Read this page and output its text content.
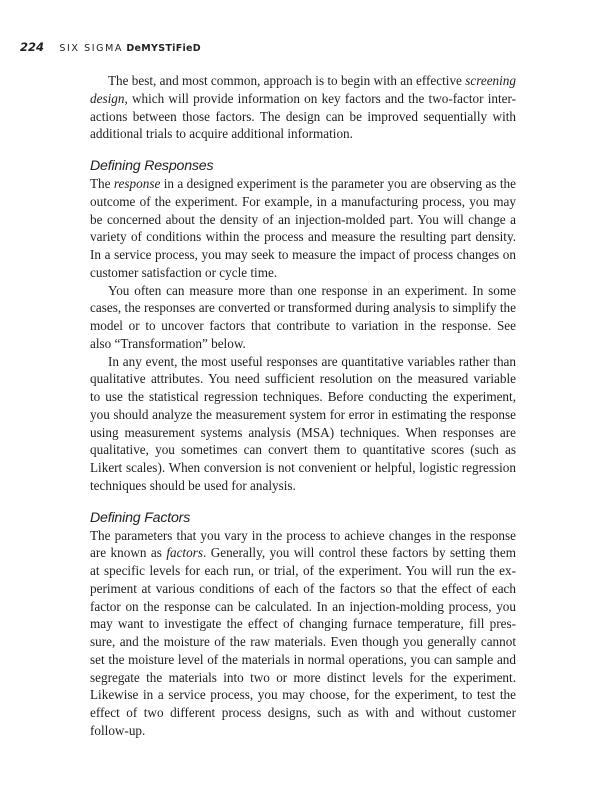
224 SIX SIGMA DeMYSTiFieD
The best, and most common, approach is to begin with an effective screening
design, which will provide information on key factors and the two-factor inter-
actions between those factors. The design can be improved sequentially with
additional trials to acquire additional information.
Defining Responses
The response in a designed experiment is the parameter you are observing as the
outcome of the experiment. For example, in a manufacturing process, you may
be concerned about the density of an injection-molded part. You will change a
variety of conditions within the process and measure the resulting part density.
In a service process, you may seek to measure the impact of process changes on
customer satisfaction or cycle time.
You often can measure more than one response in an experiment. In some
cases, the responses are converted or transformed during analysis to simplify the
model or to uncover factors that contribute to variation in the response. See
also “Transformation” below.
In any event, the most useful responses are quantitative variables rather than
qualitative attributes. You need sufficient resolution on the measured variable
to use the statistical regression techniques. Before conducting the experiment,
you should analyze the measurement system for error in estimating the response
using measurement systems analysis (MSA) techniques. When responses are
qualitative, you sometimes can convert them to quantitative scores (such as
Likert scales). When conversion is not convenient or helpful, logistic regression
techniques should be used for analysis.
Defining Factors
The parameters that you vary in the process to achieve changes in the response
are known as factors. Generally, you will control these factors by setting them
at specific levels for each run, or trial, of the experiment. You will run the ex-
periment at various conditions of each of the factors so that the effect of each
factor on the response can be calculated. In an injection-molding process, you
may want to investigate the effect of changing furnace temperature, fill pres-
sure, and the moisture of the raw materials. Even though you generally cannot
set the moisture level of the materials in normal operations, you can sample and
segregate the materials into two or more distinct levels for the experiment.
Likewise in a service process, you may choose, for the experiment, to test the
effect of two different process designs, such as with and without customer
follow-up.
